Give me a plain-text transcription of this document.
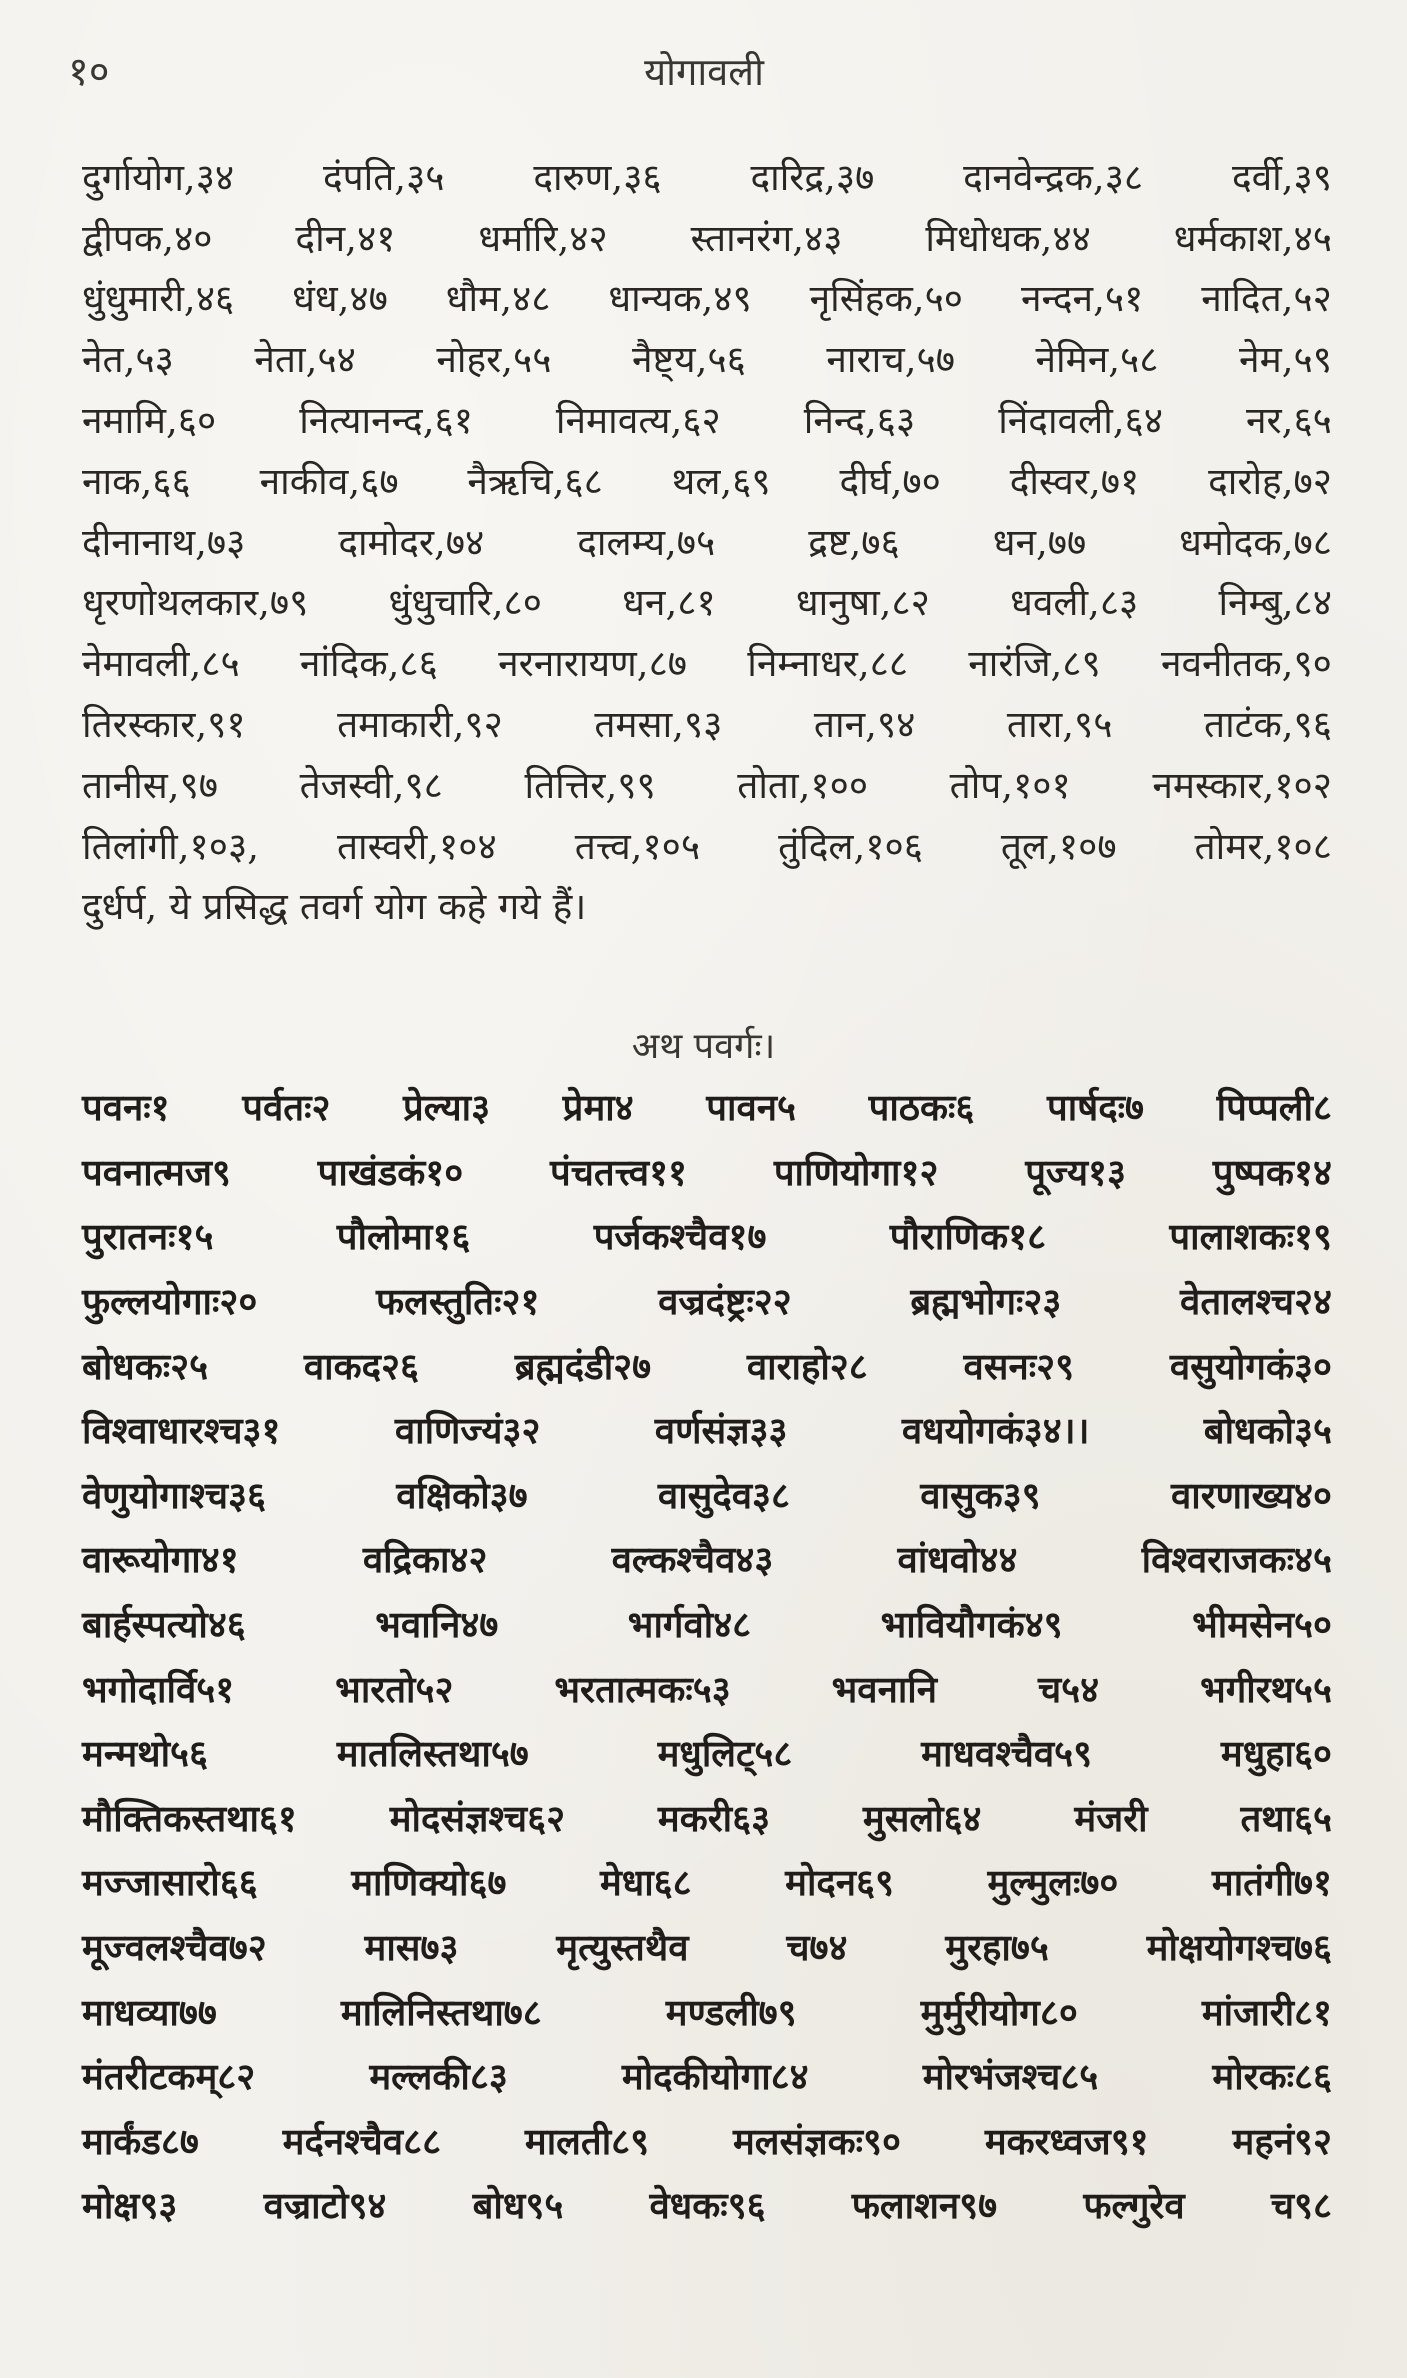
१०	योगावली
दुर्गायोग,३४ दंपति,३५ दारुण,३६ दारिद्र,३७ दानवेन्द्रक,३८ दर्वी,३९
द्वीपक,४० दीन,४१ धर्मारि,४२ स्तानरंग,४३ मिधोधक,४४ धर्मकाश,४५
धुंधुमारी,४६ धंध,४७ धौम,४८ धान्यक,४९ नृसिंहक,५० नन्दन,५१ नादित,५२
नेत,५३ नेता,५४ नोहर,५५ नैष्ट्य,५६ नाराच,५७ नेमिन,५८ नेम,५९
नमामि,६० नित्यानन्द,६१ निमावत्य,६२ निन्द,६३ निंदावली,६४ नर,६५
नाक,६६ नाकीव,६७ नैऋचि,६८ थल,६९ दीर्घ,७० दीस्वर,७१ दारोह,७२
दीनानाथ,७३	दामोदर,७४	दालम्य,७५	द्रष्ट,७६	धन,७७	धमोदक,७८
धृरणोथलकार,७९ धुंधुचारि,८० धन,८१ धानुषा,८२ धवली,८३ निम्बु,८४
नेमावली,८५ नांदिक,८६ नरनारायण,८७ निम्नाधर,८८ नारंजि,८९ नवनीतक,९०
तिरस्कार,९१ तमाकारी,९२ तमसा,९३ तान,९४ तारा,९५ ताटंक,९६
तानीस,९७ तेजस्वी,९८ तित्तिर,९९ तोता,१०० तोप,१०१ नमस्कार,१०२
तिलांगी,१०३, तास्वरी,१०४ तत्त्व,१०५ तुंदिल,१०६ तूल,१०७ तोमर,१०८
दुर्धर्प, ये प्रसिद्ध तवर्ग योग कहे गये हैं।
अथ पवर्गः।
पवनः१ पर्वतः२ प्रेल्या३ प्रेमा४ पावन५ पाठकः६ पार्षदः७ पिप्पली८
पवनात्मज९ पाखंडकं१० पंचतत्त्व११ पाणियोगा१२ पूज्य१३ पुष्पक१४
पुरातनः१५	पौलोमा१६	पर्जकश्चैव१७	पौराणिक१८	पालाशकः१९
फुल्लयोगाः२०	फलस्तुतिः२१	वज्रदंष्ट्रः२२	ब्रह्मभोगः२३	वेतालश्च२४
बोधकः२५	वाकद२६	ब्रह्मदंडी२७	वाराहो२८	वसनः२९	वसुयोगकं३०
विश्वाधारश्च३१	वाणिज्यं३२	वर्णसंज्ञ३३	वधयोगकं३४।।	बोधको३५
वेणुयोगाश्च३६	वक्षिको३७	वासुदेव३८	वासुक३९	वारणाख्य४०
वारूयोगा४१	वद्रिका४२	वल्कश्चैव४३	वांधवो४४	विश्वराजकः४५
बार्हस्पत्यो४६	भवानि४७	भार्गवो४८	भावियौगकं४९	भीमसेन५०
भगोदार्वि५१	भारतो५२	भरतात्मकः५३	भवनानि	च५४	भगीरथ५५
मन्मथो५६	मातलिस्तथा५७	मधुलिट्५८	माधवश्चैव५९	मधुहा६०
मौक्तिकस्तथा६१	मोदसंज्ञश्च६२	मकरी६३	मुसलो६४	मंजरी	तथा६५
मज्जासारो६६	माणिक्यो६७	मेधा६८	मोदन६९	मुल्मुलः७०	मातंगी७१
मूज्वलश्चैव७२	मास७३	मृत्युस्तथैव	च७४	मुरहा७५	मोक्षयोगश्च७६
माधव्या७७	मालिनिस्तथा७८	मण्डली७९	मुर्मुरीयोग८०	मांजारी८१
मंतरीटकम्८२	मल्लकी८३	मोदकीयोगा८४	मोरभंजश्च८५	मोरकः८६
मार्कंड८७ मर्दनश्चैव८८ मालती८९ मलसंज्ञकः९० मकरध्वज९१ महनं९२
मोक्ष९३ वज्राटो९४ बोध९५ वेधकः९६ फलाशन९७ फल्गुरेव च९८
